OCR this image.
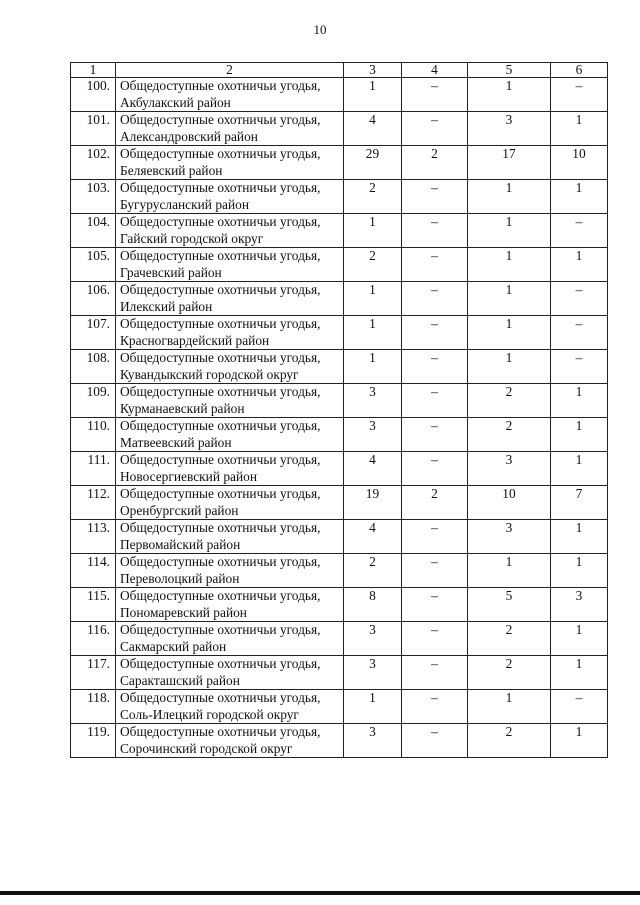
10
1	2	3	4	5	6
100.	Общедоступные охотничьи угодья, Акбулакский район	1	–	1	–
101.	Общедоступные охотничьи угодья, Александровский район	4	–	3	1
102.	Общедоступные охотничьи угодья, Беляевский район	29	2	17	10
103.	Общедоступные охотничьи угодья, Бугурусланский район	2	–	1	1
104.	Общедоступные охотничьи угодья, Гайский городской округ	1	–	1	–
105.	Общедоступные охотничьи угодья, Грачевский район	2	–	1	1
106.	Общедоступные охотничьи угодья, Илекский район	1	–	1	–
107.	Общедоступные охотничьи угодья, Красногвардейский район	1	–	1	–
108.	Общедоступные охотничьи угодья, Кувандыкский городской округ	1	–	1	–
109.	Общедоступные охотничьи угодья, Курманаевский район	3	–	2	1
110.	Общедоступные охотничьи угодья, Матвеевский район	3	–	2	1
111.	Общедоступные охотничьи угодья, Новосергиевский район	4	–	3	1
112.	Общедоступные охотничьи угодья, Оренбургский район	19	2	10	7
113.	Общедоступные охотничьи угодья, Первомайский район	4	–	3	1
114.	Общедоступные охотничьи угодья, Переволоцкий район	2	–	1	1
115.	Общедоступные охотничьи угодья, Пономаревский район	8	–	5	3
116.	Общедоступные охотничьи угодья, Сакмарский район	3	–	2	1
117.	Общедоступные охотничьи угодья, Саракташский район	3	–	2	1
118.	Общедоступные охотничьи угодья, Соль-Илецкий городской округ	1	–	1	–
119.	Общедоступные охотничьи угодья, Сорочинский городской округ	3	–	2	1
